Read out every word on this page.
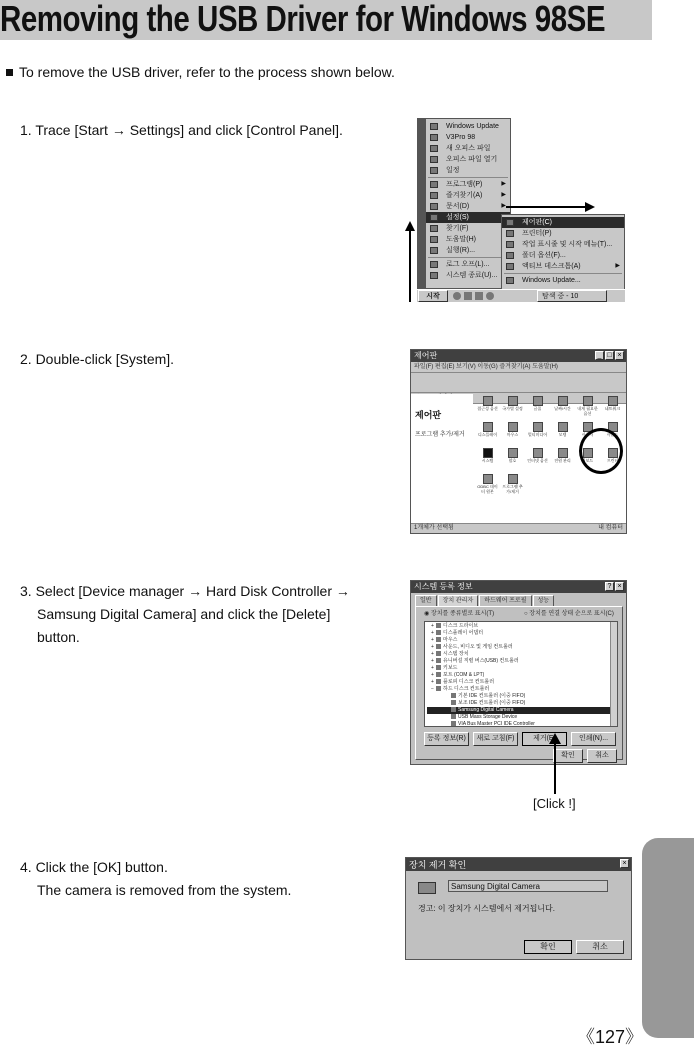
Removing the USB Driver for Windows 98SE
To remove the USB driver, refer to the process shown below.
1. Trace [Start → Settings] and click [Control Panel].
2. Double-click [System].
3. Select [Device manager → Hard Disk Controller →
Samsung Digital Camera] and click the [Delete]
button.
4. Click the [OK] button.
The camera is removed from the system.
Windows Update
V3Pro 98
새 오피스 파일
오피스 파일 열기
일정
프로그램(P)	▶
즐겨찾기(A)	▶
문서(D)	▶
설정(S)
찾기(F)
도움말(H)
실행(R)...
로그 오프(L)...
시스템 종료(U)...
제어판(C)
프린터(P)
작업 표시줄 및 시작 메뉴(T)...
폴더 옵션(F)...
액티브 데스크톱(A)	▶
Windows Update...
시작	탐색 중 - 10
제어판	_ □ ×
파일(F) 편집(E) 보기(V) 이동(G) 즐겨찾기(A) 도움말(H)
제어판
프로그램 추가/제거
접근성 옵션 국가별 설정	글꼴	날짜/시간	내게 필요한 옵션
네트워크
디스플레이 마우스 멀티미디어	모뎀	사용자	사운드
시스템	암호	인터넷 옵션 전원 관리	키보드	프린터
ODBC 데이터 원본
프로그램 추가/제거
1개체가 선택됨	내 컴퓨터
시스템 등록 정보	? ×
일반	장치 관리자	하드웨어 프로필	성능
◉ 장치를 종류별로 표시(T)	○ 장치를 연결 상태 순으로 표시(C)
+ 디스크 드라이브
+ 디스플레이 어댑터
+ 마우스
+ 사운드, 비디오 및 게임 컨트롤러
+ 시스템 장치
+ 유니버설 직렬 버스(USB) 컨트롤러
+ 키보드
+ 포트 (COM & LPT)
+ 플로피 디스크 컨트롤러
− 하드 디스크 컨트롤러
기본 IDE 컨트롤러 (이중 FIFO)
보조 IDE 컨트롤러 (이중 FIFO)
Samsung Digital Camera
USB Mass Storage Device
VIA Bus Master PCI IDE Controller
등록 정보(R)	새로 고침(F)	제거(E)	인쇄(N)...
확인	취소
[Click !]
장치 제거 확인	×
Samsung Digital Camera
경고: 이 장치가 시스템에서 제거됩니다.
확인	취소
《127》
